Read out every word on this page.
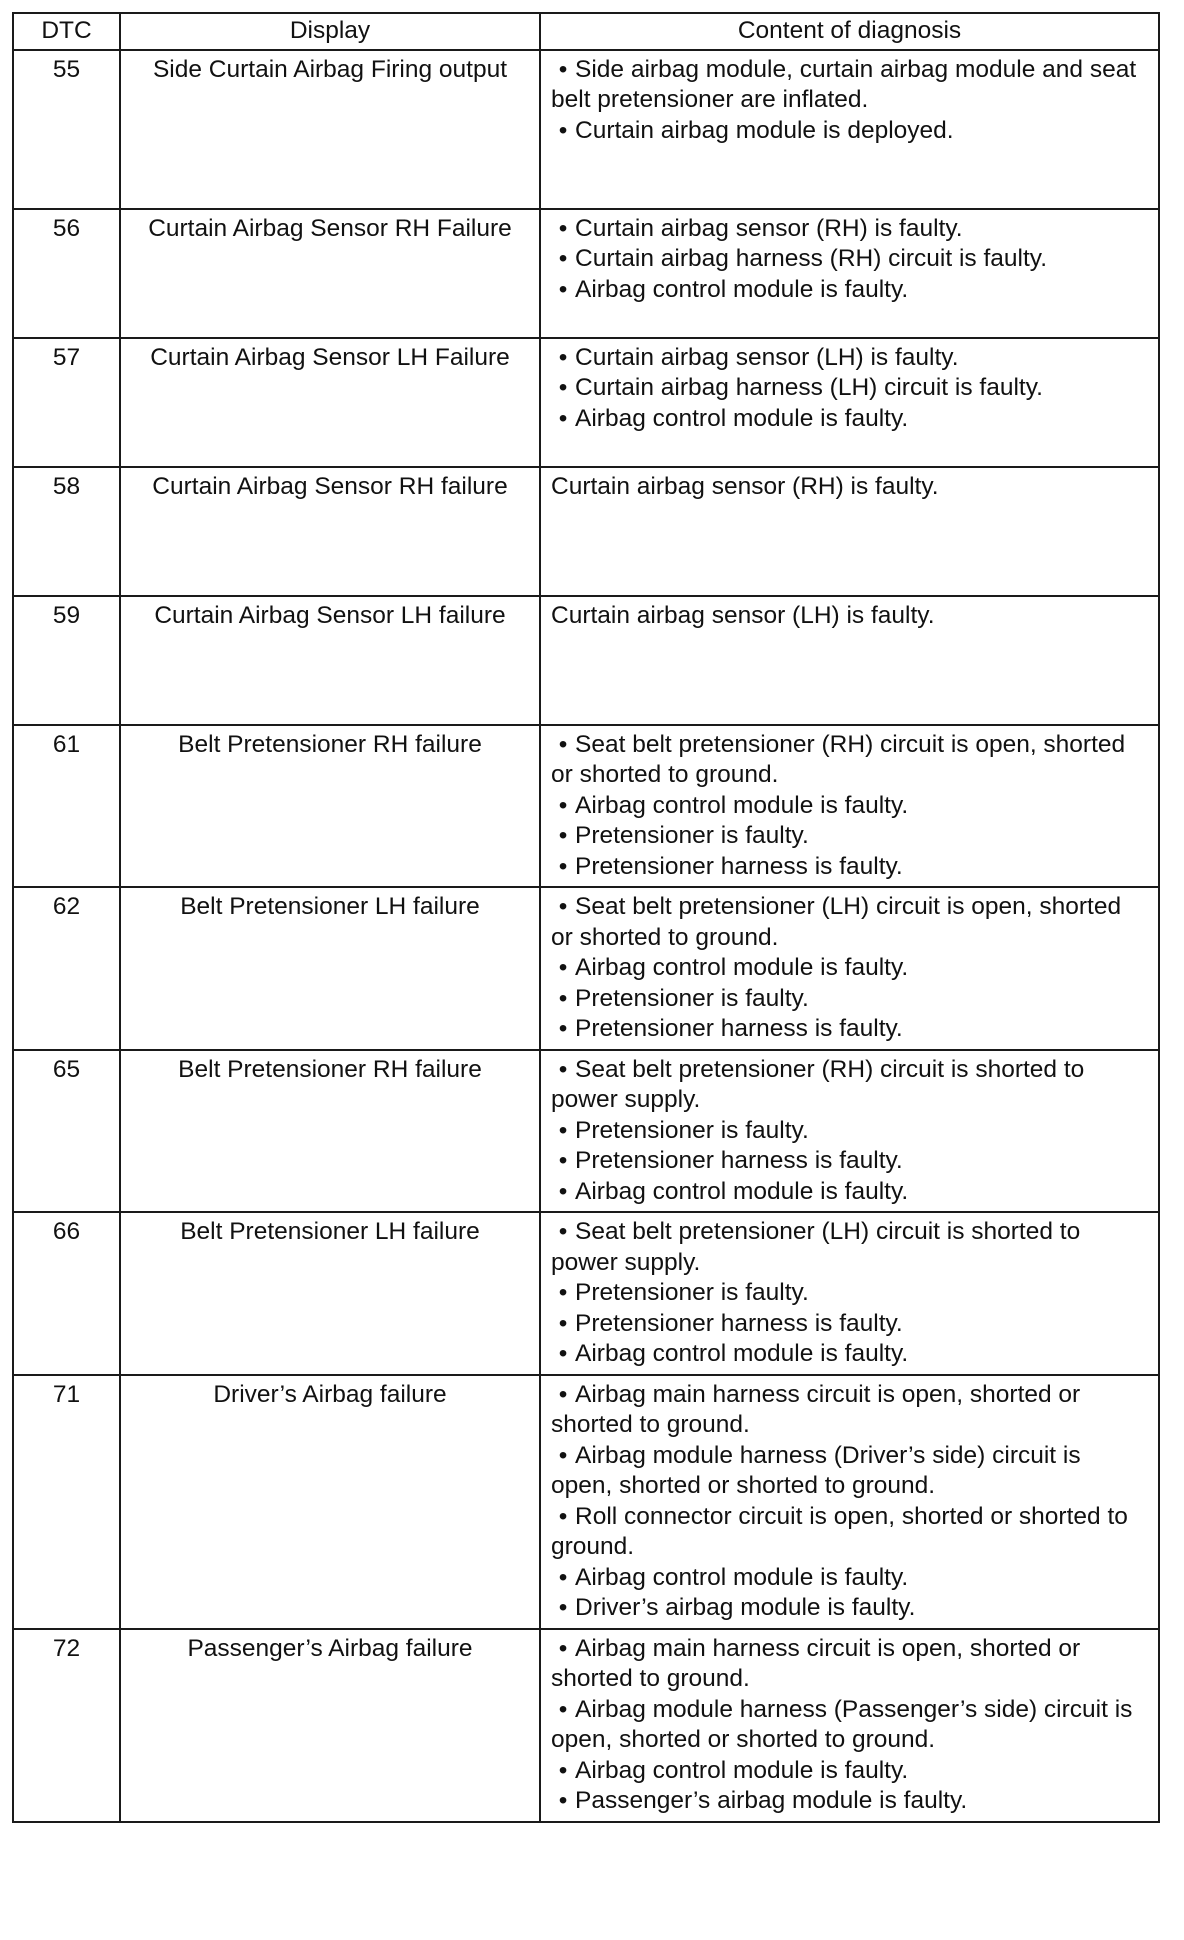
DTC	Display	Content of diagnosis
55	Side Curtain Airbag Firing output	• Side airbag module, curtain airbag module and seat belt pretensioner are inflated.
• Curtain airbag module is deployed.

56	Curtain Airbag Sensor RH Failure	• Curtain airbag sensor (RH) is faulty.
• Curtain airbag harness (RH) circuit is faulty.
• Airbag control module is faulty.

57	Curtain Airbag Sensor LH Failure	• Curtain airbag sensor (LH) is faulty.
• Curtain airbag harness (LH) circuit is faulty.
• Airbag control module is faulty.

58	Curtain Airbag Sensor RH failure	Curtain airbag sensor (RH) is faulty.

59	Curtain Airbag Sensor LH failure	Curtain airbag sensor (LH) is faulty.

61	Belt Pretensioner RH failure	• Seat belt pretensioner (RH) circuit is open, shorted or shorted to ground.
• Airbag control module is faulty.
• Pretensioner is faulty.
• Pretensioner harness is faulty.

62	Belt Pretensioner LH failure	• Seat belt pretensioner (LH) circuit is open, shorted or shorted to ground.
• Airbag control module is faulty.
• Pretensioner is faulty.
• Pretensioner harness is faulty.

65	Belt Pretensioner RH failure	• Seat belt pretensioner (RH) circuit is shorted to power supply.
• Pretensioner is faulty.
• Pretensioner harness is faulty.
• Airbag control module is faulty.

66	Belt Pretensioner LH failure	• Seat belt pretensioner (LH) circuit is shorted to power supply.
• Pretensioner is faulty.
• Pretensioner harness is faulty.
• Airbag control module is faulty.

71	Driver’s Airbag failure	• Airbag main harness circuit is open, shorted or shorted to ground.
• Airbag module harness (Driver’s side) circuit is open, shorted or shorted to ground.
• Roll connector circuit is open, shorted or shorted to ground.
• Airbag control module is faulty.
• Driver’s airbag module is faulty.

72	Passenger’s Airbag failure	• Airbag main harness circuit is open, shorted or shorted to ground.
• Airbag module harness (Passenger’s side) circuit is open, shorted or shorted to ground.
• Airbag control module is faulty.
• Passenger’s airbag module is faulty.
